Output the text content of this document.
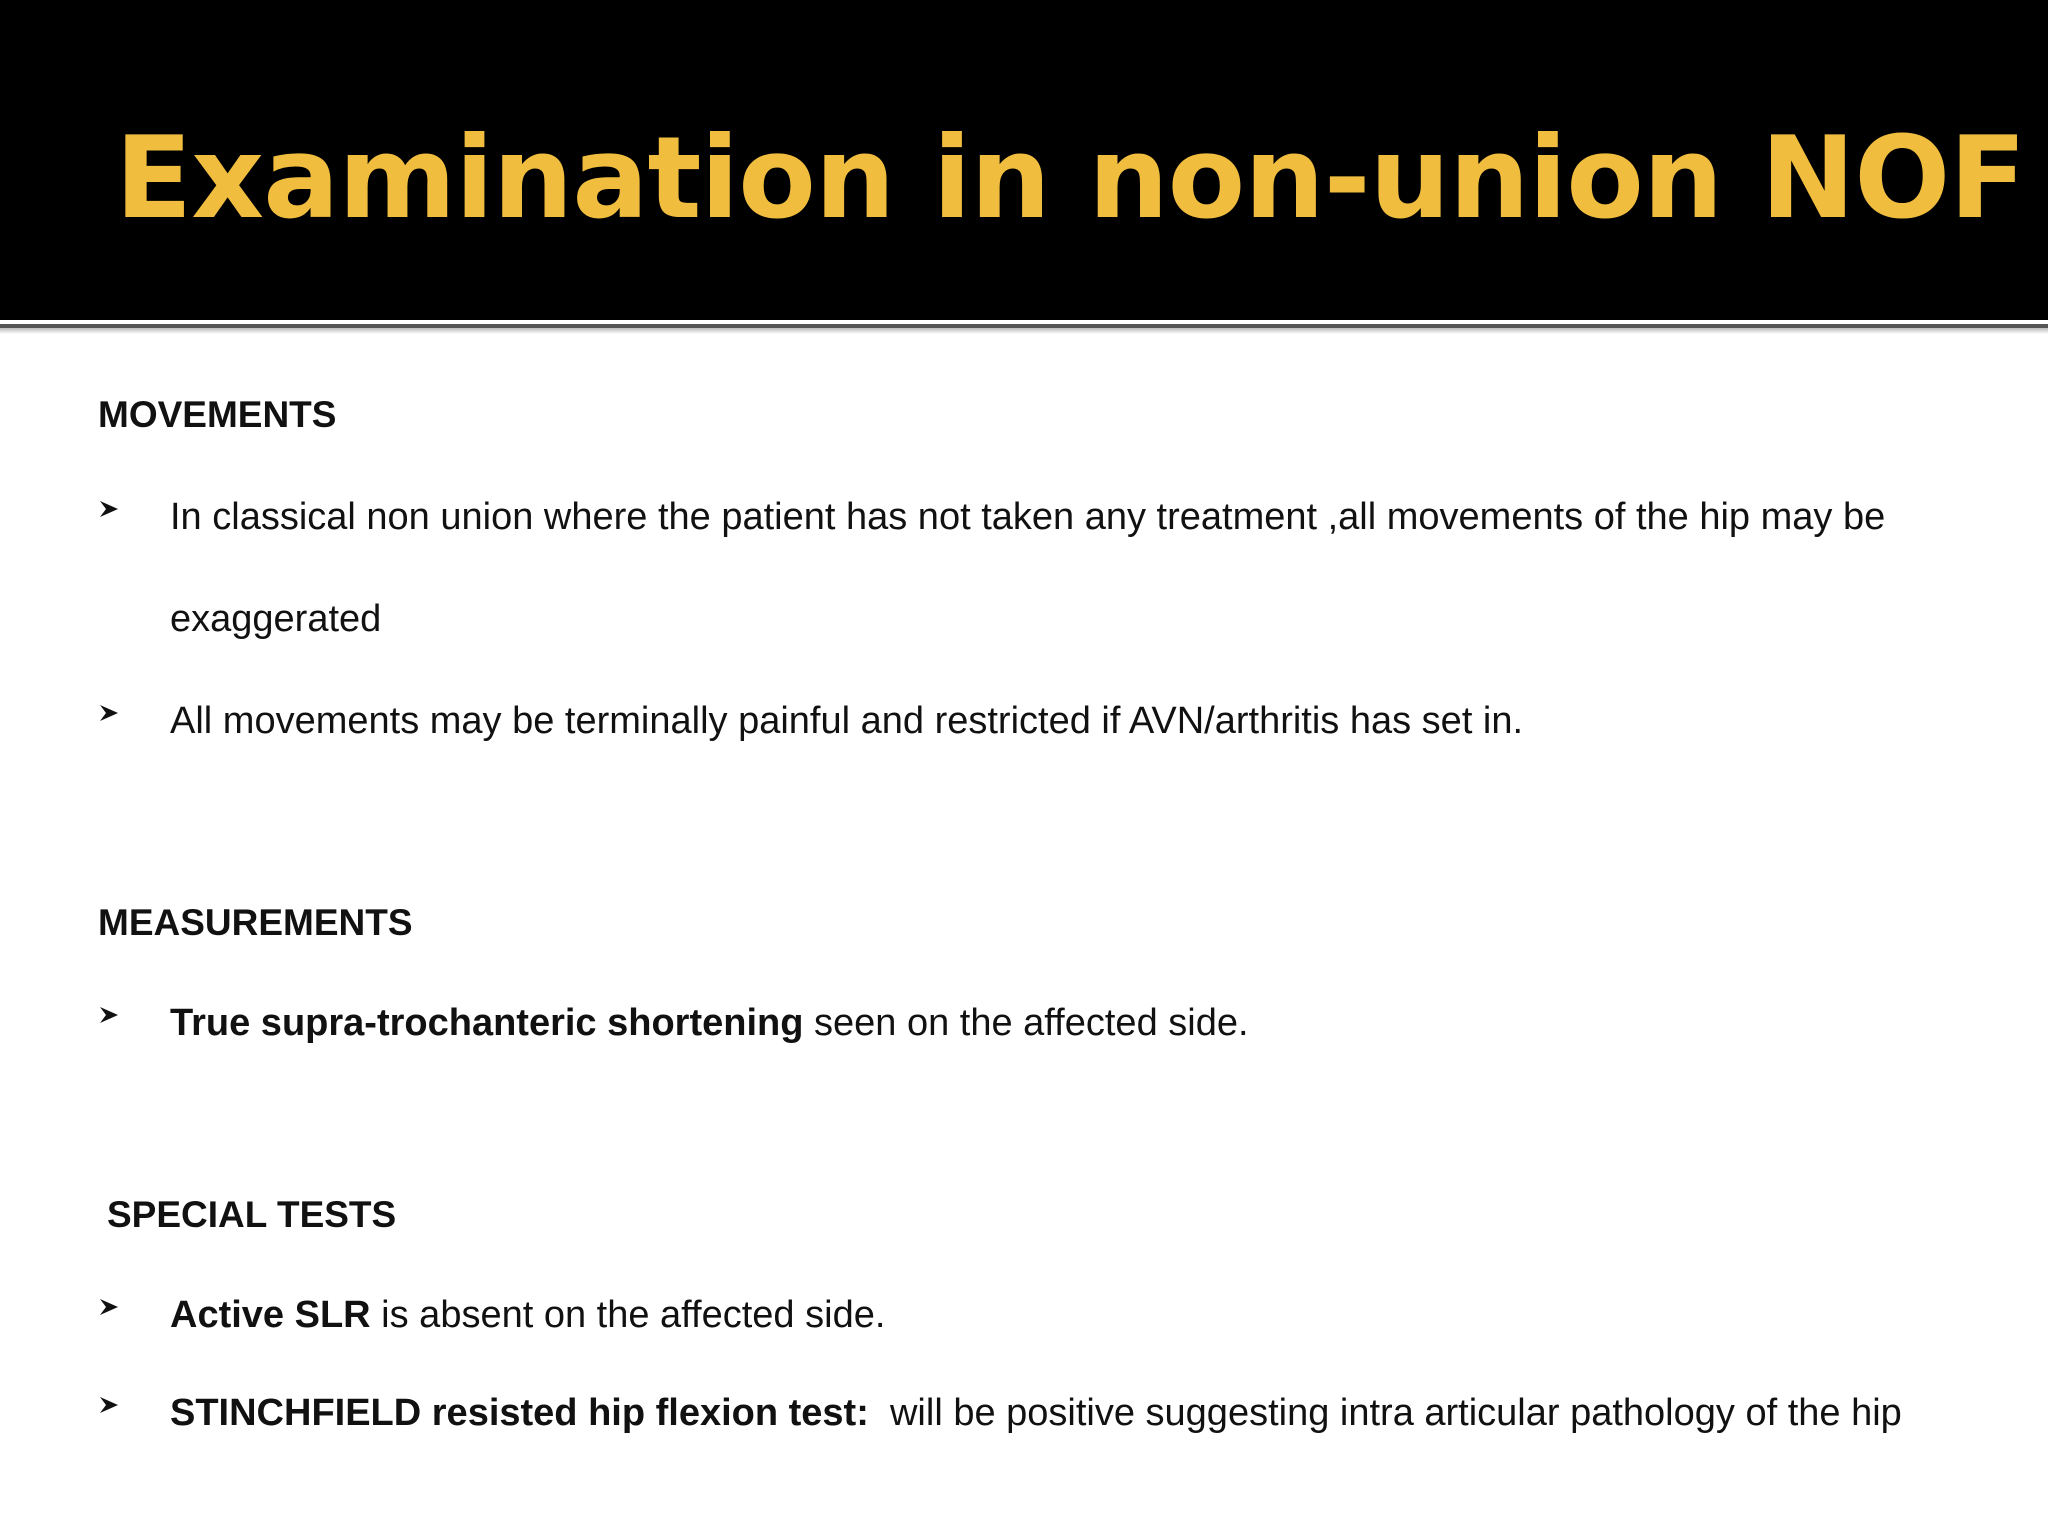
Examination in non-union NOF
MOVEMENTS
In classical non union where the patient has not taken any treatment ,all movements of the hip may be
exaggerated
All movements may be terminally painful and restricted if AVN/arthritis has set in.
MEASUREMENTS
True supra-trochanteric shortening seen on the affected side.
SPECIAL TESTS
Active SLR is absent on the affected side.
STINCHFIELD resisted hip flexion test:  will be positive suggesting intra articular pathology of the hip
